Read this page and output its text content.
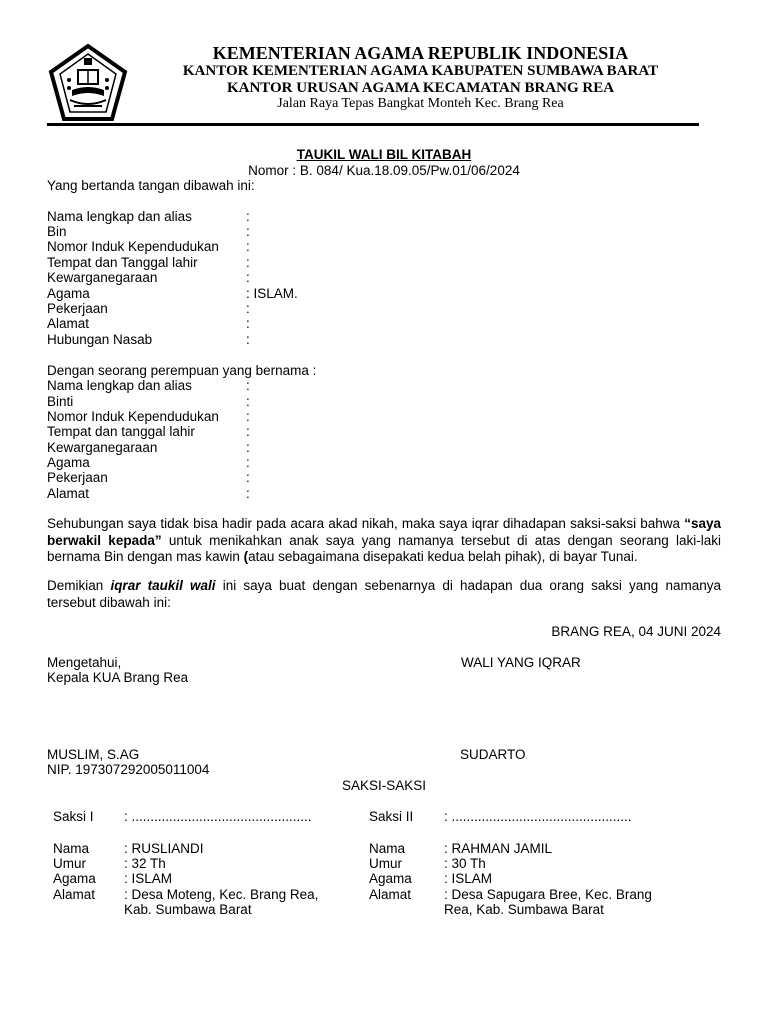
KEMENTERIAN AGAMA REPUBLIK INDONESIA
KANTOR KEMENTERIAN AGAMA KABUPATEN SUMBAWA BARAT
KANTOR URUSAN AGAMA KECAMATAN BRANG REA
Jalan Raya Tepas Bangkat Monteh Kec. Brang Rea
TAUKIL WALI BIL KITABAH
Nomor : B. 084/ Kua.18.09.05/Pw.01/06/2024
Yang bertanda tangan dibawah ini:
Nama lengkap dan alias	:
Bin	:
Nomor Induk Kependudukan :
Tempat dan Tanggal lahir	:
Kewarganegaraan	:
Agama	: ISLAM.
Pekerjaan	:
Alamat	:
Hubungan Nasab	:
Dengan seorang perempuan yang bernama :
Nama lengkap dan alias	:
Binti	:
Nomor Induk Kependudukan :
Tempat dan tanggal lahir	:
Kewarganegaraan	:
Agama	:
Pekerjaan	:
Alamat	:
Sehubungan saya tidak bisa hadir pada acara akad nikah, maka saya iqrar dihadapan saksi-saksi bahwa “saya berwakil kepada” untuk menikahkan anak saya yang namanya tersebut di atas dengan seorang laki-laki bernama Bin dengan mas kawin (atau sebagaimana disepakati kedua belah pihak), di bayar Tunai.
Demikian iqrar taukil wali ini saya buat dengan sebenarnya di hadapan dua orang saksi yang namanya tersebut dibawah ini:
BRANG REA, 04 JUNI 2024
Mengetahui,
Kepala KUA Brang Rea
WALI YANG IQRAR
MUSLIM, S.AG
NIP. 197307292005011004
SUDARTO
SAKSI-SAKSI
Saksi I : ................................................
Nama	: RUSLIANDI
Umur	: 32 Th
Agama : ISLAM
Alamat : Desa Moteng, Kec. Brang Rea,
Kab. Sumbawa Barat
Saksi II : ................................................
Nama	: RAHMAN JAMIL
Umur	: 30 Th
Agama : ISLAM
Alamat : Desa Sapugara Bree, Kec. Brang
Rea, Kab. Sumbawa Barat
